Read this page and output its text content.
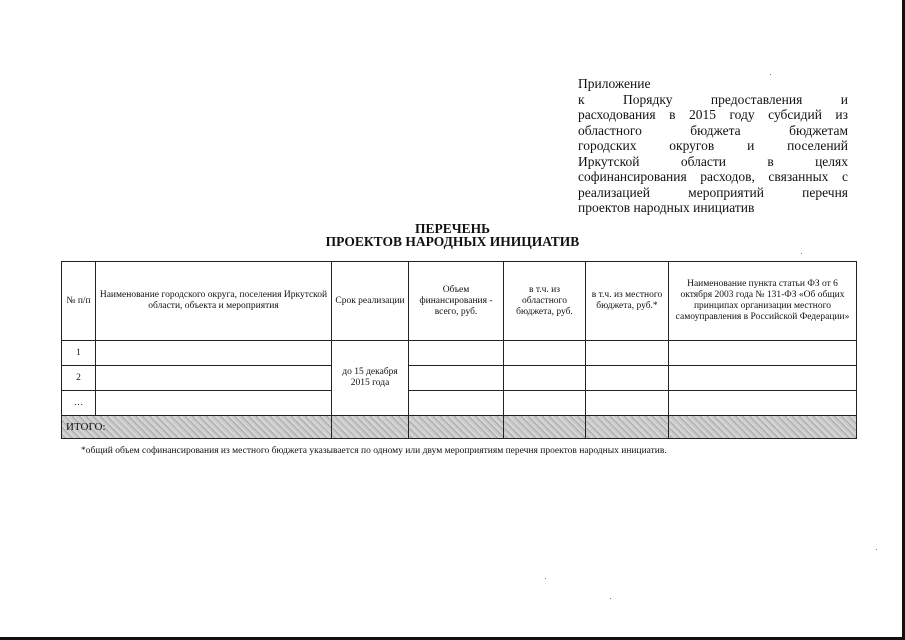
Приложение
к Порядку предоставления и
расходования в 2015 году субсидий из
областного бюджета бюджетам
городских округов и поселений
Иркутской области в целях
софинансирования расходов, связанных с
реализацией мероприятий перечня
проектов народных инициатив
ПЕРЕЧЕНЬ
ПРОЕКТОВ НАРОДНЫХ ИНИЦИАТИВ
№ п/п	Наименование городского округа, поселения Иркутской области, объекта и мероприятия	Срок реализации	Объем финансирования - всего, руб.	в т.ч. из областного бюджета, руб.	в т.ч. из местного бюджета, руб.*	Наименование пункта статьи ФЗ от 6 октября 2003 года № 131-ФЗ «Об общих принципах организации местного самоуправления в Российской Федерации»
1		до 15 декабря 2015 года				
2						
…						
ИТОГО:						
*общий объем софинансирования из местного бюджета указывается по одному или двум мероприятиям перечня проектов народных инициатив.
